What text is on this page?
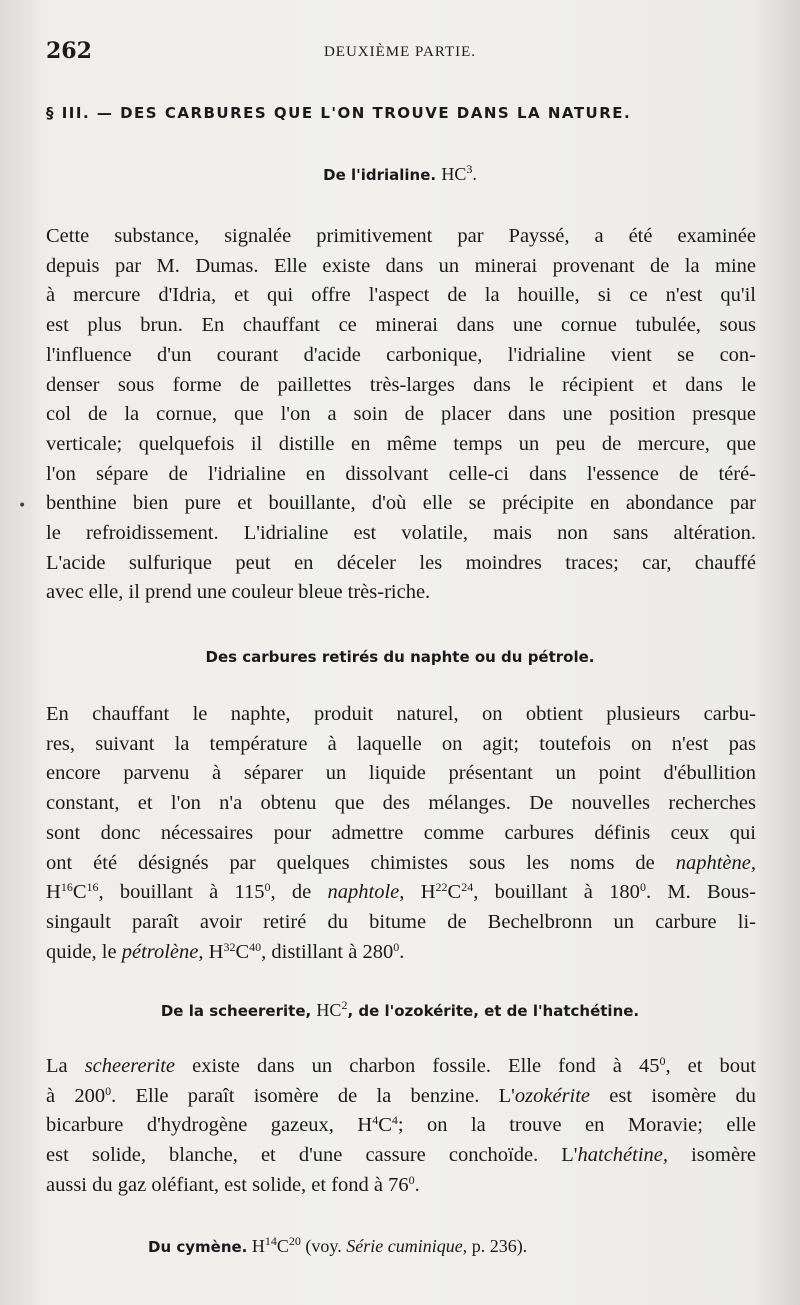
262	DEUXIÈME PARTIE.
§ III. — DES CARBURES QUE L'ON TROUVE DANS LA NATURE.
De l'idrialine. $HC^3$.
Cette substance, signalée primitivement par Payssé, a été examinée
depuis par M. Dumas. Elle existe dans un minerai provenant de la mine
à mercure d'Idria, et qui offre l'aspect de la houille, si ce n'est qu'il
est plus brun. En chauffant ce minerai dans une cornue tubulée, sous
l'influence d'un courant d'acide carbonique, l'idrialine vient se con-
denser sous forme de paillettes très-larges dans le récipient et dans le
col de la cornue, que l'on a soin de placer dans une position presque
verticale; quelquefois il distille en même temps un peu de mercure, que
l'on sépare de l'idrialine en dissolvant celle-ci dans l'essence de téré-
benthine bien pure et bouillante, d'où elle se précipite en abondance par
le refroidissement. L'idrialine est volatile, mais non sans altération.
L'acide sulfurique peut en déceler les moindres traces; car, chauffé
avec elle, il prend une couleur bleue très-riche.
•
Des carbures retirés du naphte ou du pétrole.
En chauffant le naphte, produit naturel, on obtient plusieurs carbu-
res, suivant la température à laquelle on agit; toutefois on n'est pas
encore parvenu à séparer un liquide présentant un point d'ébullition
constant, et l'on n'a obtenu que des mélanges. De nouvelles recherches
sont donc nécessaires pour admettre comme carbures définis ceux qui
ont été désignés par quelques chimistes sous les noms de naphtène,
$H^{16}C^{16}$, bouillant à $115^0$, de naphtole, $H^{22}C^{24}$, bouillant à $180^0$. M. Bous-
singault paraît avoir retiré du bitume de Bechelbronn un carbure li-
quide, le pétrolène, $H^{32}C^{40}$, distillant à $280^0$.
De la scheererite, $HC^2$, de l'ozokérite, et de l'hatchétine.
La scheererite existe dans un charbon fossile. Elle fond à $45^0$, et bout
à $200^0$. Elle paraît isomère de la benzine. L'ozokérite est isomère du
bicarbure d'hydrogène gazeux, $H^4C^4$; on la trouve en Moravie; elle
est solide, blanche, et d'une cassure conchoïde. L'hatchétine, isomère
aussi du gaz oléfiant, est solide, et fond à $76^0$.
Du cymène. $H^{14}C^{20}$ (voy. Série cuminique, p. 236).
